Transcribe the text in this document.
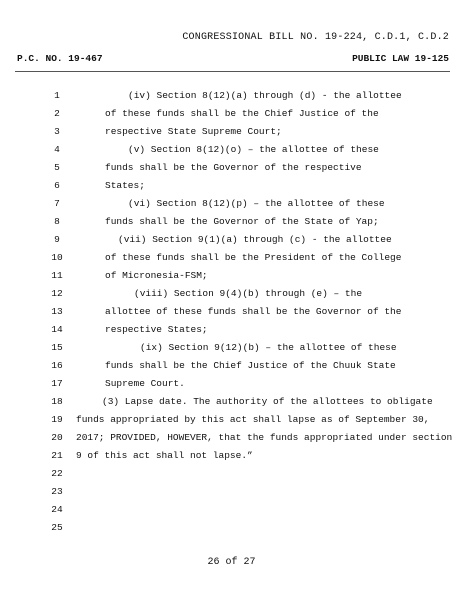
CONGRESSIONAL BILL NO. 19-224, C.D.1, C.D.2
P.C. NO. 19-467	PUBLIC LAW 19-125
1	(iv) Section 8(12)(a) through (d) - the allottee
2	of these funds shall be the Chief Justice of the
3	respective State Supreme Court;
4	(v) Section 8(12)(o) – the allottee of these
5	funds shall be the Governor of the respective
6	States;
7	(vi) Section 8(12)(p) – the allottee of these
8	funds shall be the Governor of the State of Yap;
9	(vii) Section 9(1)(a) through (c) - the allottee
10	of these funds shall be the President of the College
11	of Micronesia-FSM;
12	(viii) Section 9(4)(b) through (e) – the
13	allottee of these funds shall be the Governor of the
14	respective States;
15	(ix) Section 9(12)(b) – the allottee of these
16	funds shall be the Chief Justice of the Chuuk State
17	Supreme Court.
18	(3) Lapse date. The authority of the allottees to obligate
19	funds appropriated by this act shall lapse as of September 30,
20	2017; PROVIDED, HOWEVER, that the funds appropriated under section
21	9 of this act shall not lapse.”
22
23
24
25
26 of 27
